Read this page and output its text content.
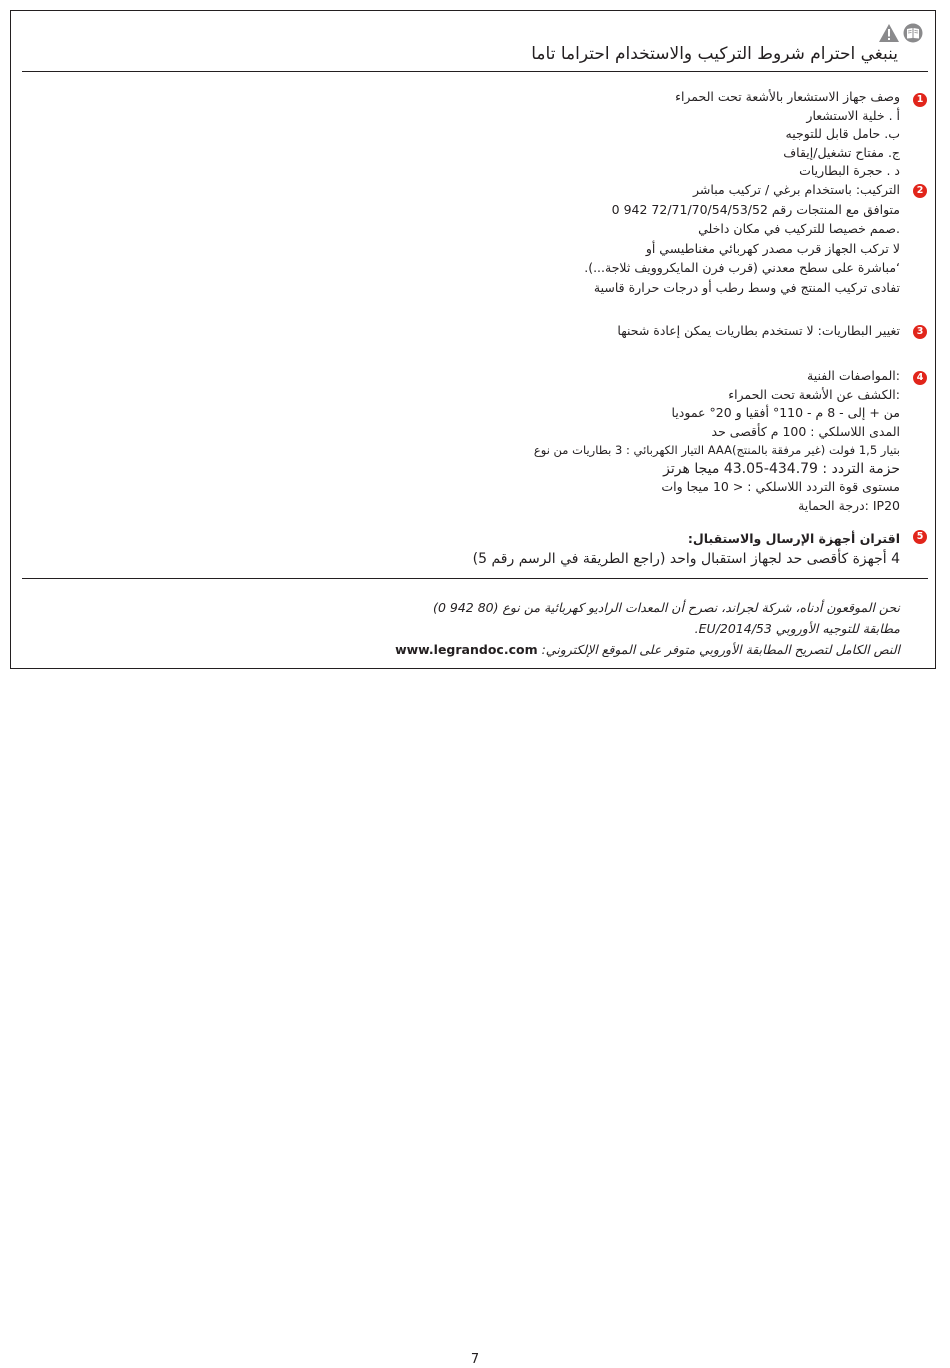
ينبغي احترام شروط التركيب والاستخدام احتراما تاما
1
وصف جهاز الاستشعار بالأشعة تحت الحمراء
أ . خلية الاستشعار
ب. حامل قابل للتوجيه
ج. مفتاح تشغيل/إيقاف
د . حجرة البطاريات
2
التركيب: باستخدام برغي / تركيب مباشر
متوافق مع المنتجات رقم 72/71/70/54/53/52 942 0
.صمم خصيصا للتركيب في مكان داخلي
لا تركب الجهاز قرب مصدر كهربائي مغناطيسي أو
‘مباشرة على سطح معدني (قرب فرن المايكروويف ثلاجة...).
تفادى تركيب المنتج في وسط رطب أو درجات حرارة قاسية
3
تغيير البطاريات: لا تستخدم بطاريات يمكن إعادة شحنها
4
:المواصفات الفنية
:الكشف عن الأشعة تحت الحمراء
من + إلى - 8 م - 110° أفقيا و 20° عموديا
المدى اللاسلكي : 100 م كأقصى حد
بتيار 1,5 فولت (غير مرفقة بالمنتج)AAA التيار الكهربائي : 3 بطاريات من نوع
حزمة التردد : 434.79-43.05 ميجا هرتز
مستوى قوة التردد اللاسلكي : < 10 ميجا وات
IP20 :درجة الحماية
5
اقتران أجهزة الإرسال والاستقبال:
4 أجهزة كأقصى حد لجهاز استقبال واحد (راجع الطريقة في الرسم رقم 5)
نحن الموقعون أدناه، شركة لجراند، نصرح أن المعدات الراديو كهربائية من نوع (80 942 0)
مطابقة للتوجيه الأوروبي EU/2014/53.
النص الكامل لتصريح المطابقة الأوروبي متوفر على الموقع الإلكتروني: www.legrandoc.com
7
